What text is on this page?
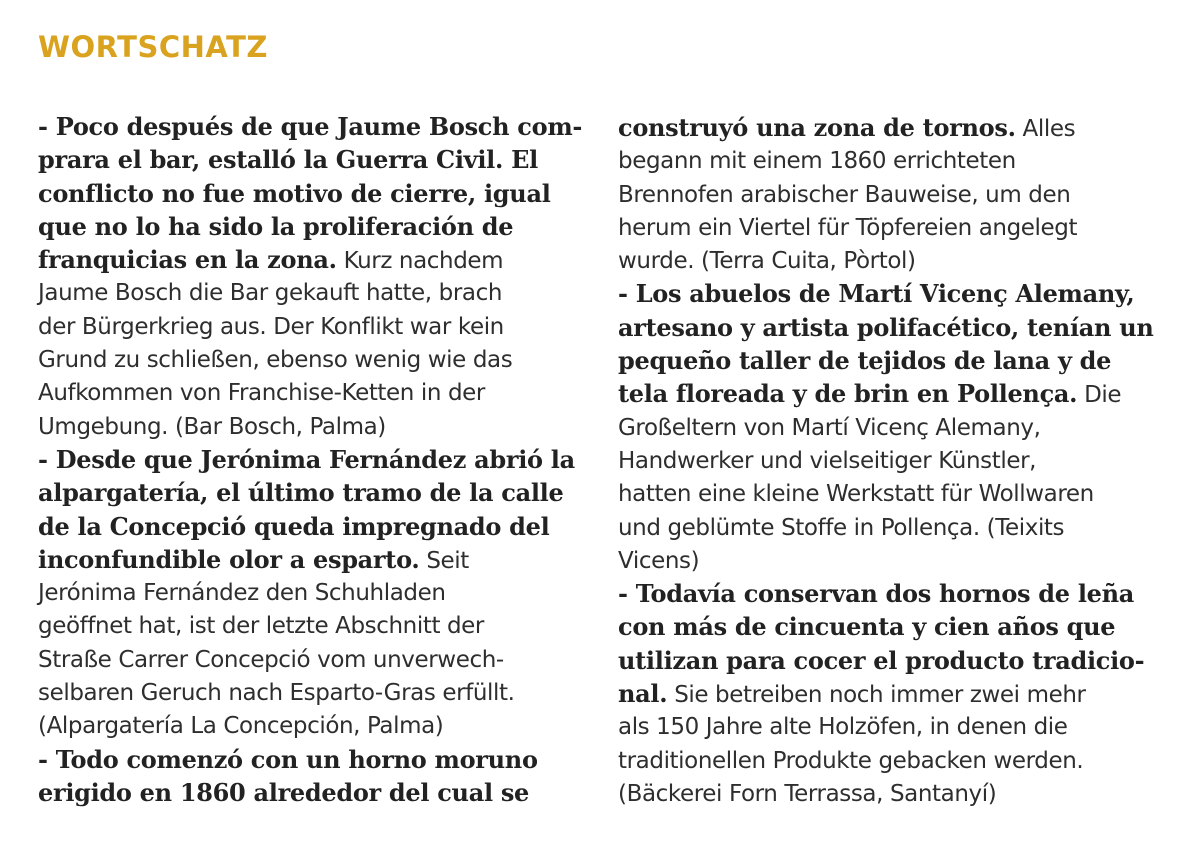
WORTSCHATZ
- Poco después de que Jaume Bosch com-
prara el bar, estalló la Guerra Civil. El
conflicto no fue motivo de cierre, igual
que no lo ha sido la proliferación de
franquicias en la zona. Kurz nachdem
Jaume Bosch die Bar gekauft hatte, brach
der Bürgerkrieg aus. Der Konflikt war kein
Grund zu schließen, ebenso wenig wie das
Aufkommen von Franchise-Ketten in der
Umgebung. (Bar Bosch, Palma)
- Desde que Jerónima Fernández abrió la
alpargatería, el último tramo de la calle
de la Concepció queda impregnado del
inconfundible olor a esparto. Seit
Jerónima Fernández den Schuhladen
geöffnet hat, ist der letzte Abschnitt der
Straße Carrer Concepció vom unverwech-
selbaren Geruch nach Esparto-Gras erfüllt.
(Alpargatería La Concepción, Palma)
- Todo comenzó con un horno moruno
erigido en 1860 alrededor del cual se
construyó una zona de tornos. Alles
begann mit einem 1860 errichteten
Brennofen arabischer Bauweise, um den
herum ein Viertel für Töpfereien angelegt
wurde. (Terra Cuita, Pòrtol)
- Los abuelos de Martí Vicenç Alemany,
artesano y artista polifacético, tenían un
pequeño taller de tejidos de lana y de
tela floreada y de brin en Pollença. Die
Großeltern von Martí Vicenç Alemany,
Handwerker und vielseitiger Künstler,
hatten eine kleine Werkstatt für Wollwaren
und geblümte Stoffe in Pollença. (Teixits
Vicens)
- Todavía conservan dos hornos de leña
con más de cincuenta y cien años que
utilizan para cocer el producto tradicio-
nal. Sie betreiben noch immer zwei mehr
als 150 Jahre alte Holzöfen, in denen die
traditionellen Produkte gebacken werden.
(Bäckerei Forn Terrassa, Santanyí)
